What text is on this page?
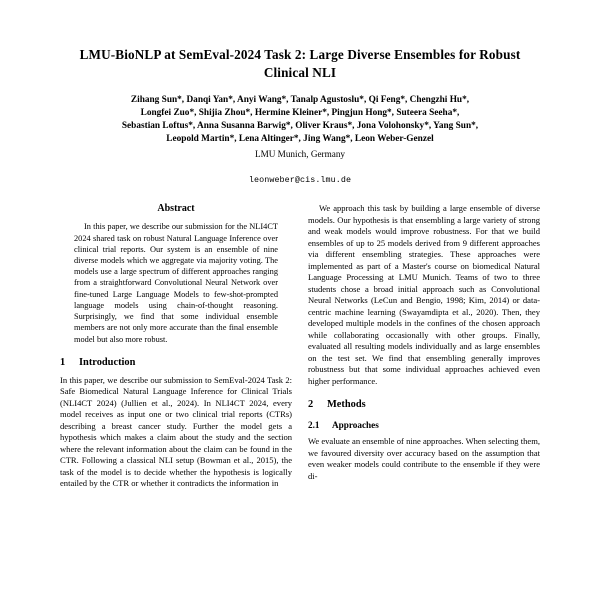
LMU-BioNLP at SemEval-2024 Task 2: Large Diverse Ensembles for Robust Clinical NLI
Zihang Sun*, Danqi Yan*, Anyi Wang*, Tanalp Agustoslu*, Qi Feng*, Chengzhi Hu*,
Longfei Zuo*, Shijia Zhou*, Hermine Kleiner*, Pingjun Hong*, Suteera Seeha*,
Sebastian Loftus*, Anna Susanna Barwig*, Oliver Kraus*, Jona Volohonsky*, Yang Sun*,
Leopold Martin*, Lena Altinger*, Jing Wang*, Leon Weber-Genzel
LMU Munich, Germany
leonweber@cis.lmu.de
Abstract

In this paper, we describe our submission for the NLI4CT 2024 shared task on robust Natural Language Inference over clinical trial reports. Our system is an ensemble of nine diverse models which we aggregate via majority voting. The models use a large spectrum of different approaches ranging from a straightforward Convolutional Neural Network over fine-tuned Large Language Models to few-shot-prompted language models using chain-of-thought reasoning. Surprisingly, we find that some individual ensemble members are not only more accurate than the final ensemble model but also more robust.

1	Introduction

In this paper, we describe our submission to SemEval-2024 Task 2: Safe Biomedical Natural Language Inference for Clinical Trials (NLI4CT 2024) (Jullien et al., 2024). In NLI4CT 2024, every model receives as input one or two clinical trial reports (CTRs) describing a breast cancer study. Further the model gets a hypothesis which makes a claim about the study and the section where the relevant information about the claim can be found in the CTR. Following a classical NLI setup (Bowman et al., 2015), the task of the model is to decide whether the hypothesis is logically entailed by the CTR or whether it contradicts the information in

We approach this task by building a large ensemble of diverse models. Our hypothesis is that ensembling a large variety of strong and weak models would improve robustness. For that we build ensembles of up to 25 models derived from 9 different approaches via different ensembling strategies. These approaches were implemented as part of a Master's course on biomedical Natural Language Processing at LMU Munich. Teams of two to three students chose a broad initial approach such as Convolutional Neural Networks (LeCun and Bengio, 1998; Kim, 2014) or data-centric machine learning (Swayamdipta et al., 2020). Then, they developed multiple models in the confines of the chosen approach while collaborating occasionally with other groups. Finally, evaluated all resulting models individually and as large ensembles on the test set. We find that ensembling generally improves robustness but that some individual approaches achieved even higher performance.

2	Methods
2.1	Approaches

We evaluate an ensemble of nine approaches. When selecting them, we favoured diversity over accuracy based on the assumption that even weaker models could contribute to the ensemble if they were di-
